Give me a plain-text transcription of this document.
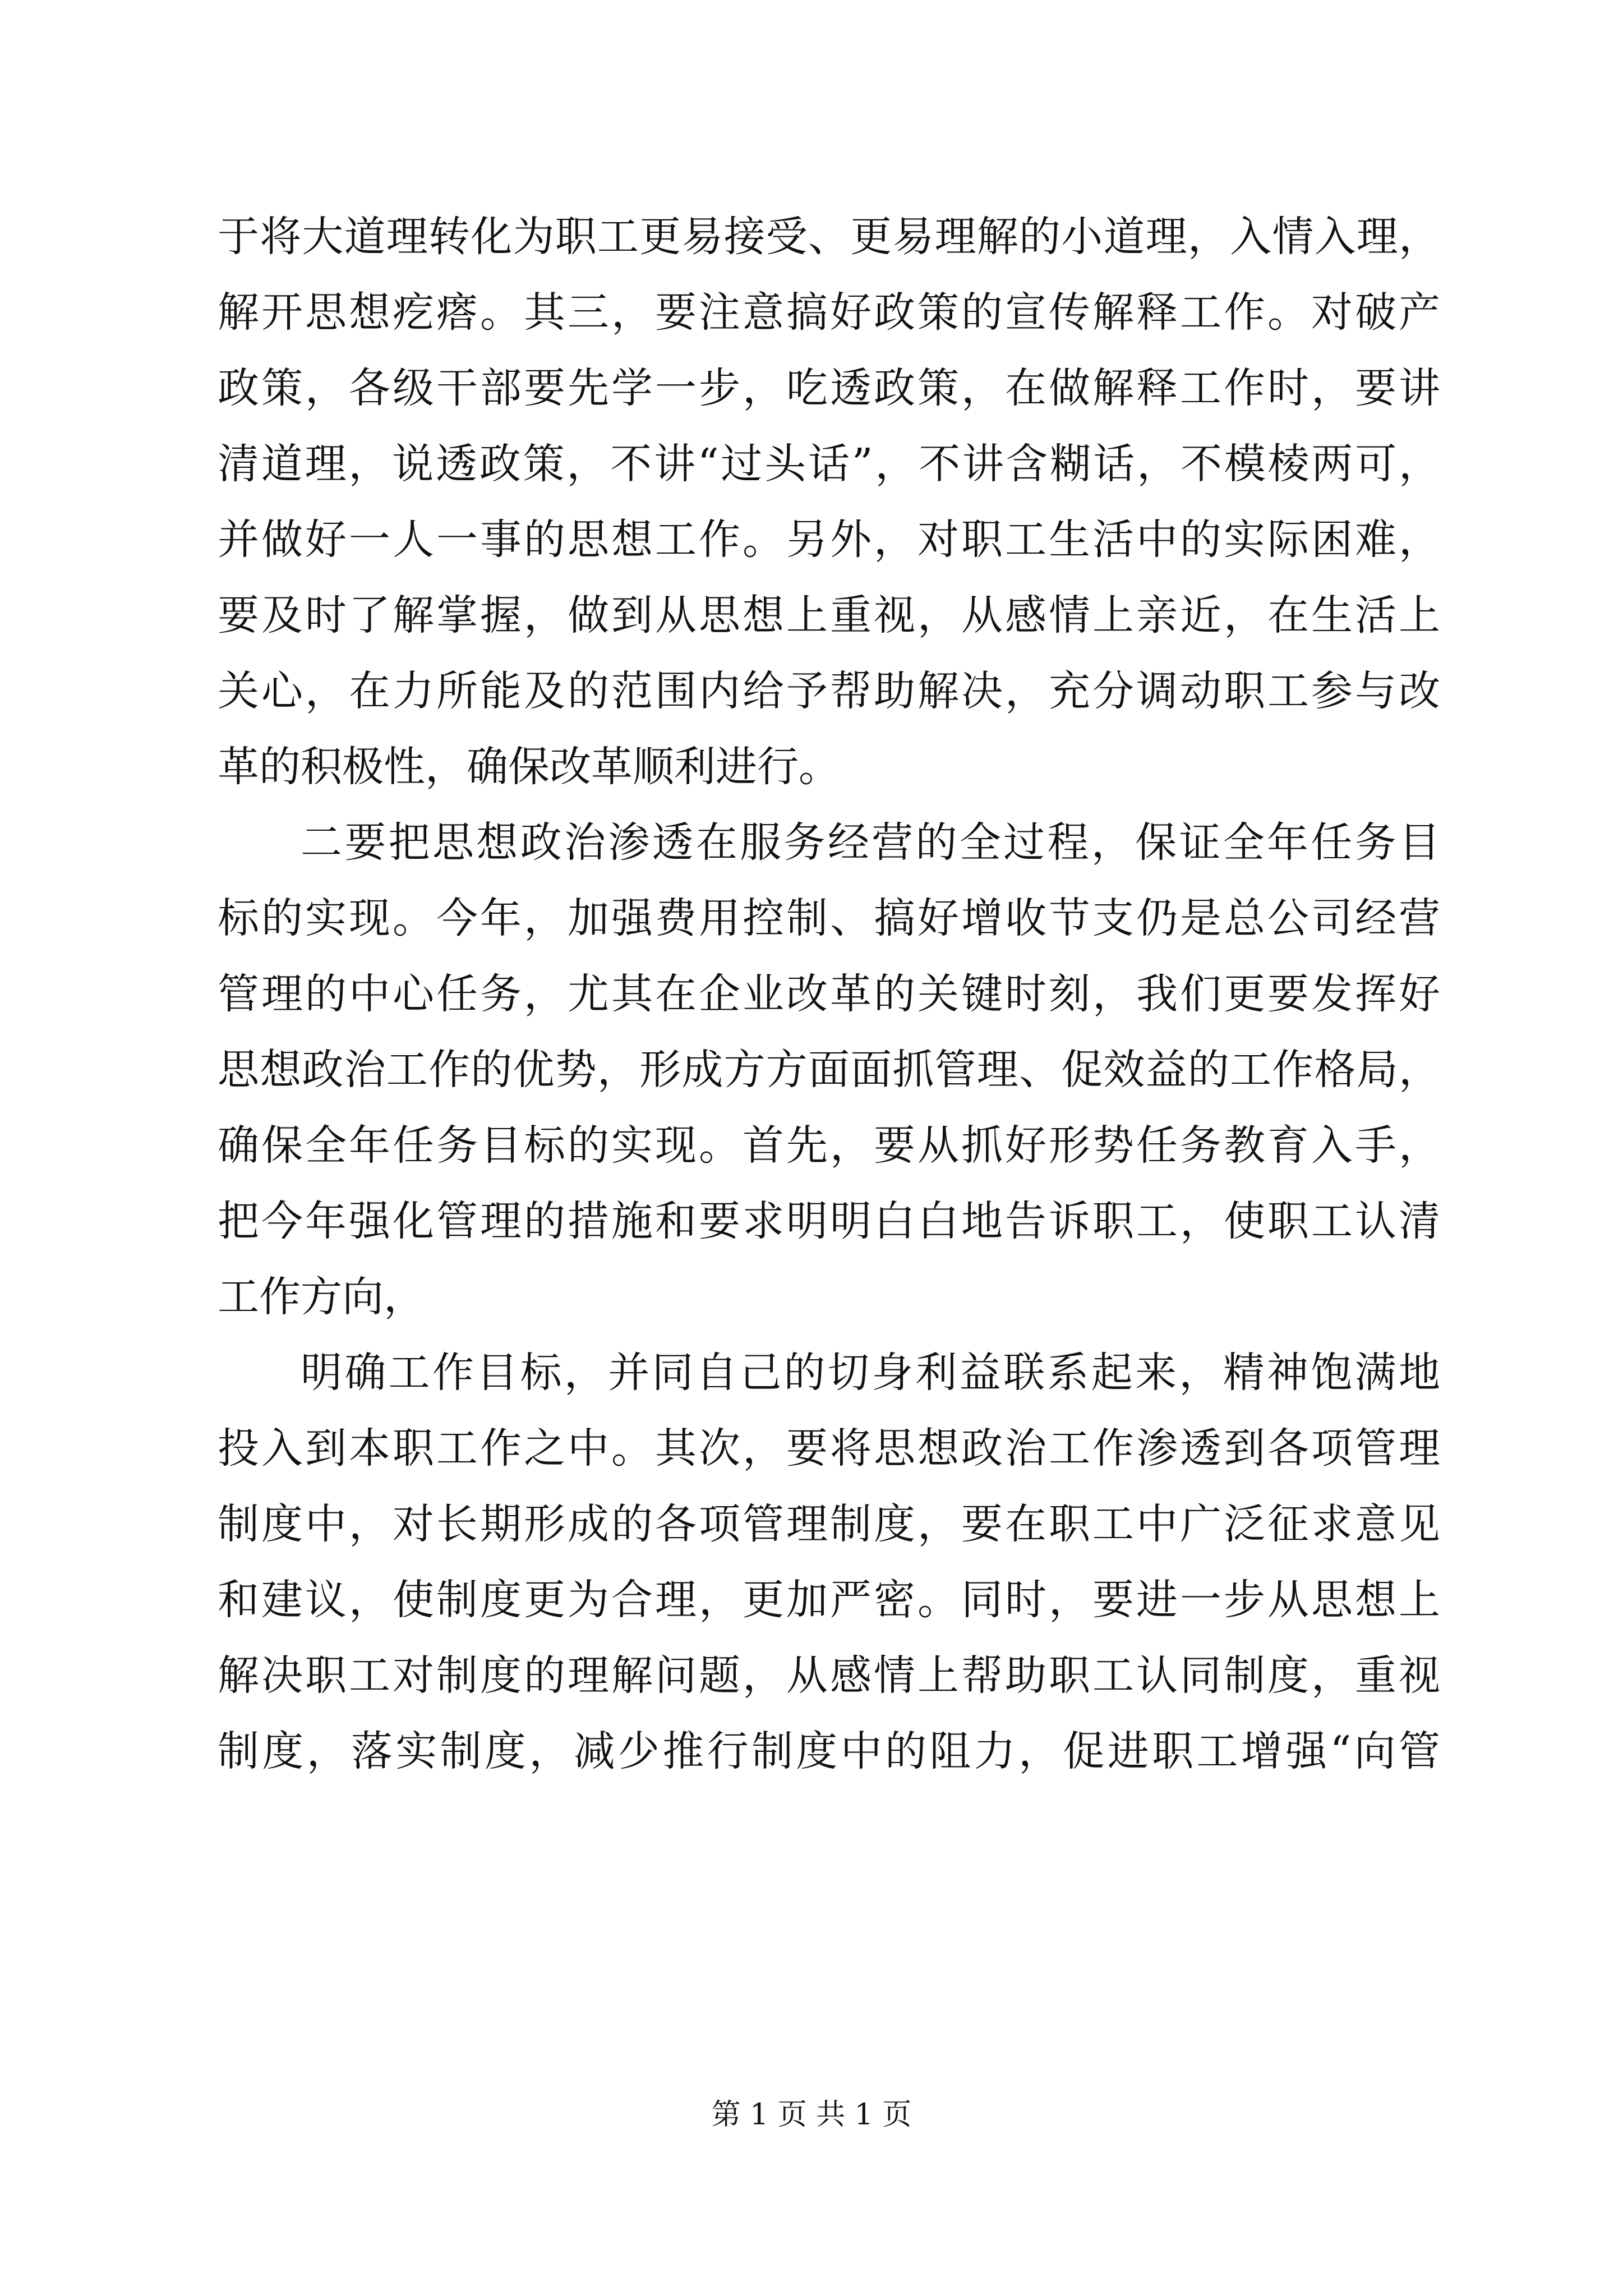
于将大道理转化为职工更易接受、更易理解的小道理，入情入理，
解开思想疙瘩。其三，要注意搞好政策的宣传解释工作。对破产
政策，各级干部要先学一步，吃透政策，在做解释工作时，要讲
清道理，说透政策，不讲“过头话”，不讲含糊话，不模棱两可，
并做好一人一事的思想工作。另外，对职工生活中的实际困难，
要及时了解掌握，做到从思想上重视，从感情上亲近，在生活上
关心，在力所能及的范围内给予帮助解决，充分调动职工参与改
革的积极性，确保改革顺利进行。
二要把思想政治渗透在服务经营的全过程，保证全年任务目
标的实现。今年，加强费用控制、搞好增收节支仍是总公司经营
管理的中心任务，尤其在企业改革的关键时刻，我们更要发挥好
思想政治工作的优势，形成方方面面抓管理、促效益的工作格局，
确保全年任务目标的实现。首先，要从抓好形势任务教育入手，
把今年强化管理的措施和要求明明白白地告诉职工，使职工认清
工作方向，
明确工作目标，并同自己的切身利益联系起来，精神饱满地
投入到本职工作之中。其次，要将思想政治工作渗透到各项管理
制度中，对长期形成的各项管理制度，要在职工中广泛征求意见
和建议，使制度更为合理，更加严密。同时，要进一步从思想上
解决职工对制度的理解问题，从感情上帮助职工认同制度，重视
制度，落实制度，减少推行制度中的阻力，促进职工增强“向管
第 1 页 共 1 页
